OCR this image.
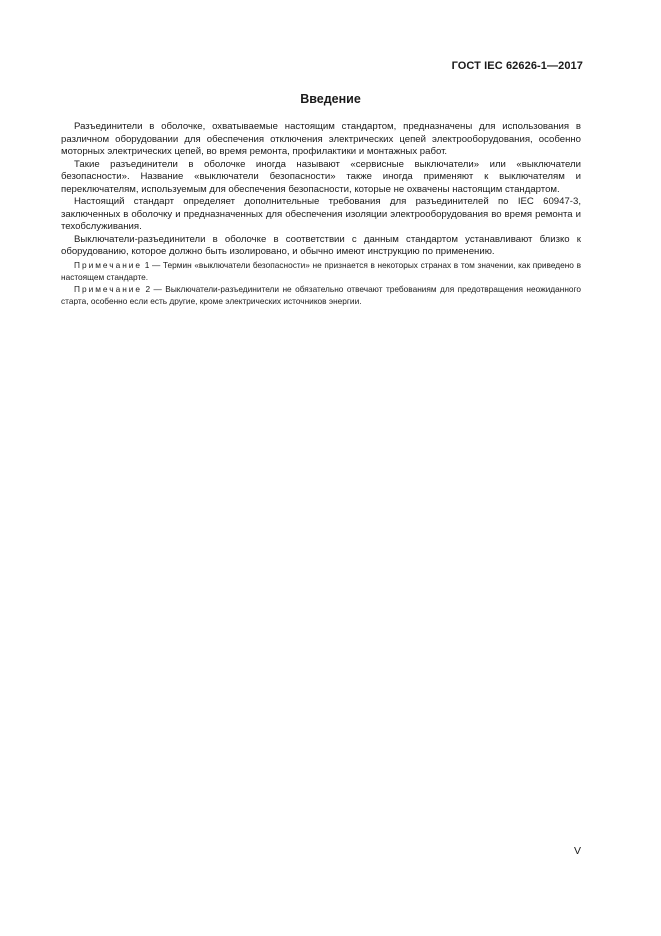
ГОСТ IEC 62626-1—2017
Введение

Разъединители в оболочке, охватываемые настоящим стандартом, предназначены для использования в различном оборудовании для обеспечения отключения электрических цепей электрооборудования, особенно моторных электрических цепей, во время ремонта, профилактики и монтажных работ.

Такие разъединители в оболочке иногда называют «сервисные выключатели» или «выключатели безопасности». Название «выключатели безопасности» также иногда применяют к выключателям и переключателям, используемым для обеспечения безопасности, которые не охвачены настоящим стандартом.

Настоящий стандарт определяет дополнительные требования для разъединителей по IEC 60947-3, заключенных в оболочку и предназначенных для обеспечения изоляции электрооборудования во время ремонта и техобслуживания.

Выключатели-разъединители в оболочке в соответствии с данным стандартом устанавливают близко к оборудованию, которое должно быть изолировано, и обычно имеют инструкцию по применению.

Примечание 1 — Термин «выключатели безопасности» не признается в некоторых странах в том значении, как приведено в настоящем стандарте.

Примечание 2 — Выключатели-разъединители не обязательно отвечают требованиям для предотвращения неожиданного старта, особенно если есть другие, кроме электрических источников энергии.

V
